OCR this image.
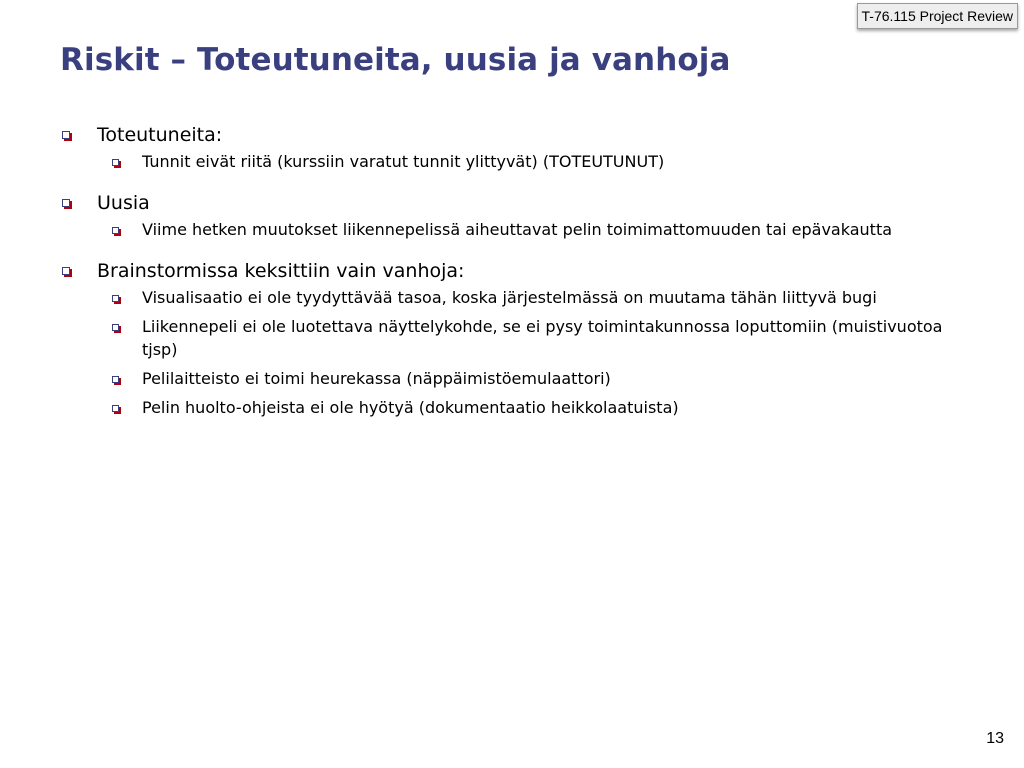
T-76.115 Project Review
Riskit – Toteutuneita, uusia ja vanhoja
Toteutuneita:
Tunnit eivät riitä (kurssiin varatut tunnit ylittyvät) (TOTEUTUNUT)
Uusia
Viime hetken muutokset liikennepelissä aiheuttavat pelin toimimattomuuden tai epävakautta
Brainstormissa keksittiin vain vanhoja:
Visualisaatio ei ole tyydyttävää tasoa, koska järjestelmässä on muutama tähän liittyvä bugi
Liikennepeli ei ole luotettava näyttelykohde, se ei pysy toimintakunnossa loputtomiin (muistivuotoa tjsp)
Pelilaitteisto ei toimi heurekassa (näppäimistöemulaattori)
Pelin huolto-ohjeista ei ole hyötyä (dokumentaatio heikkolaatuista)
13
